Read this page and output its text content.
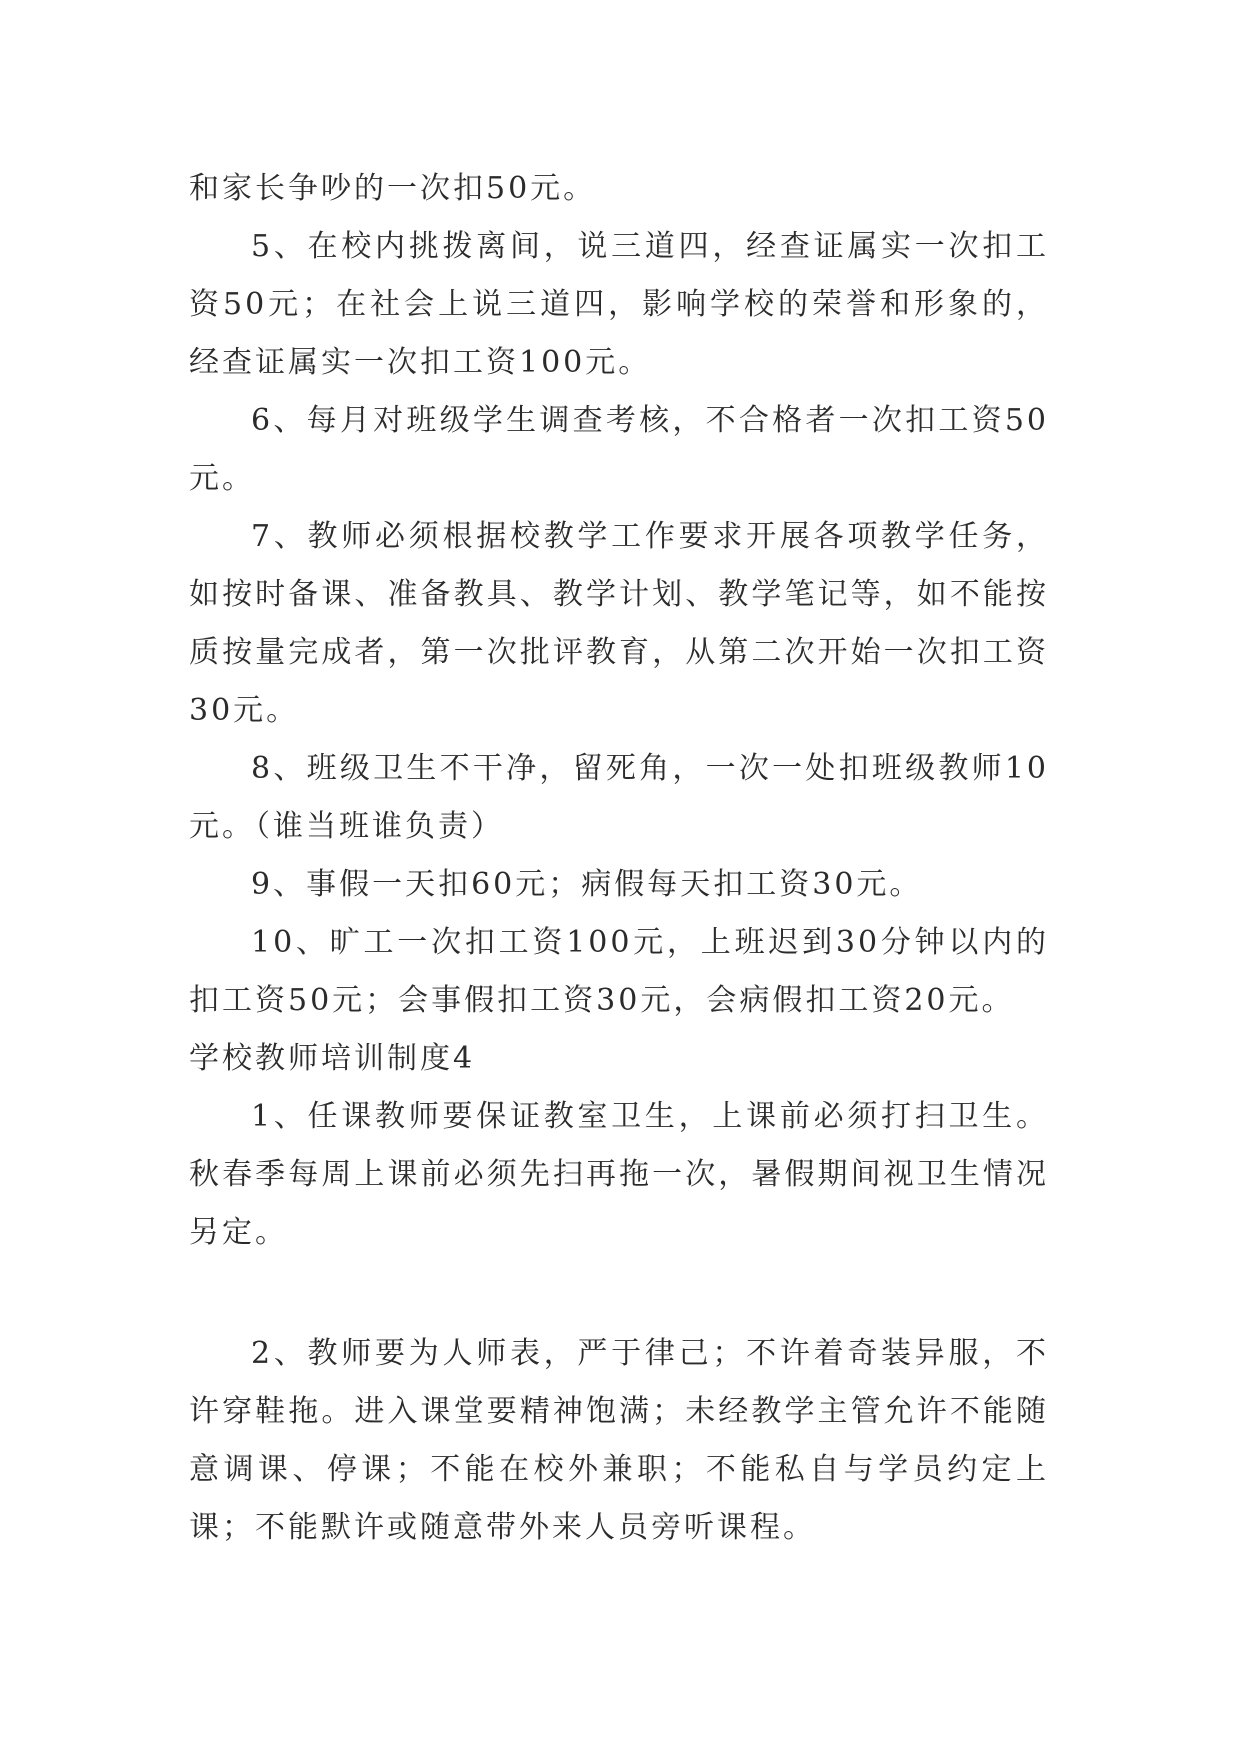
和家长争吵的一次扣50元。

5、在校内挑拨离间，说三道四，经查证属实一次扣工资50元；在社会上说三道四，影响学校的荣誉和形象的，经查证属实一次扣工资100元。

6、每月对班级学生调查考核，不合格者一次扣工资50元。

7、教师必须根据校教学工作要求开展各项教学任务，如按时备课、准备教具、教学计划、教学笔记等，如不能按质按量完成者，第一次批评教育，从第二次开始一次扣工资30元。

8、班级卫生不干净，留死角，一次一处扣班级教师10元。（谁当班谁负责）

9、事假一天扣60元；病假每天扣工资30元。

10、旷工一次扣工资100元，上班迟到30分钟以内的扣工资50元；会事假扣工资30元，会病假扣工资20元。

学校教师培训制度4

1、任课教师要保证教室卫生，上课前必须打扫卫生。秋春季每周上课前必须先扫再拖一次，暑假期间视卫生情况另定。

2、教师要为人师表，严于律己；不许着奇装异服，不许穿鞋拖。进入课堂要精神饱满；未经教学主管允许不能随意调课、停课；不能在校外兼职；不能私自与学员约定上课；不能默许或随意带外来人员旁听课程。
